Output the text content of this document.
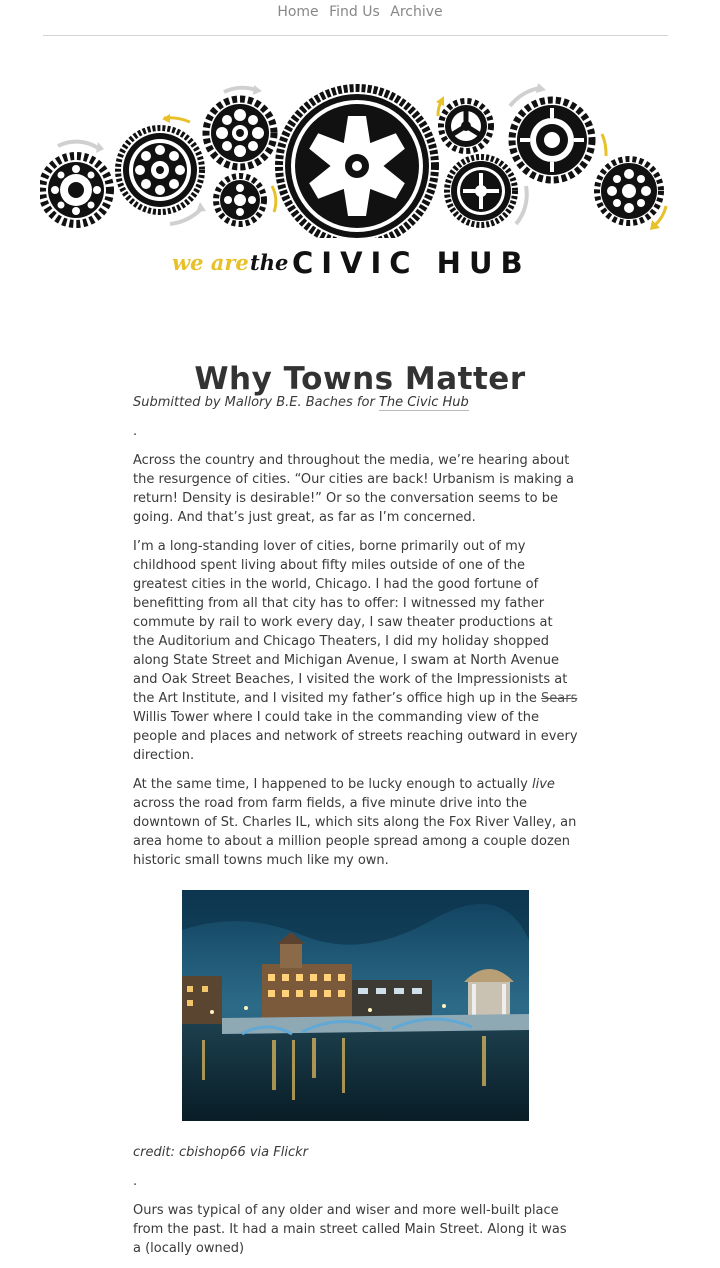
Home Find Us Archive
we are the CIVIC HUB
Why Towns Matter

Submitted by Mallory B.E. Baches for The Civic Hub

.

Across the country and throughout the media, we’re hearing about the resurgence of cities. “Our cities are back! Urbanism is making a return! Density is desirable!” Or so the conversation seems to be going. And that’s just great, as far as I’m concerned.

I’m a long-standing lover of cities, borne primarily out of my childhood spent living about fifty miles outside of one of the greatest cities in the world, Chicago. I had the good fortune of benefitting from all that city has to offer: I witnessed my father commute by rail to work every day, I saw theater productions at the Auditorium and Chicago Theaters, I did my holiday shopped along State Street and Michigan Avenue, I swam at North Avenue and Oak Street Beaches, I visited the work of the Impressionists at the Art Institute, and I visited my father’s office high up in the Sears Willis Tower where I could take in the commanding view of the people and places and network of streets reaching outward in every direction.

At the same time, I happened to be lucky enough to actually live across the road from farm fields, a five minute drive into the downtown of St. Charles IL, which sits along the Fox River Valley, an area home to about a million people spread among a couple dozen historic small towns much like my own.

credit: cbishop66 via Flickr

.

Ours was typical of any older and wiser and more well-built place from the past. It had a main street called Main Street. Along it was a (locally owned)
